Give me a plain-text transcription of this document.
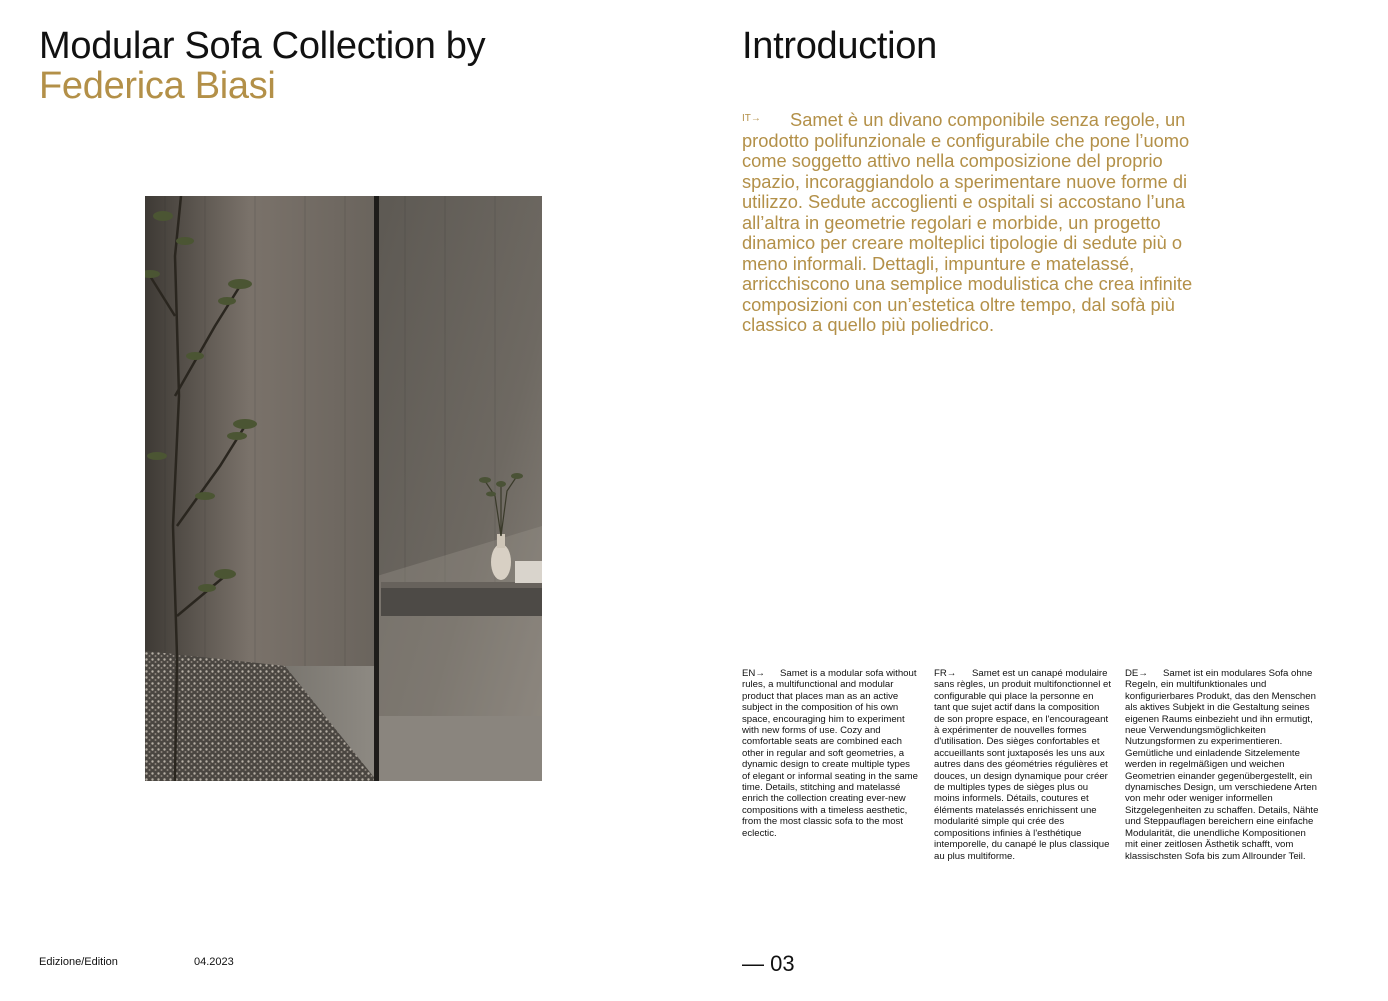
Modular Sofa Collection by
Federica Biasi
Introduction
IT→ Samet è un divano componibile senza regole, un prodotto polifunzionale e configurabile che pone l’uomo come soggetto attivo nella composizione del proprio spazio, incoraggiandolo a sperimentare nuove forme di utilizzo. Sedute accoglienti e ospitali si accostano l’una all’altra in geometrie regolari e morbide, un progetto dinamico per creare molteplici tipologie di sedute più o meno informali. Dettagli, impunture e matelassé, arricchiscono una semplice modulistica che crea infinite composizioni con un’estetica oltre tempo, dal sofà più classico a quello più poliedrico.
EN→ Samet is a modular sofa without rules, a multifunctional and modular product that places man as an active subject in the composition of his own space, encouraging him to experiment with new forms of use. Cozy and comfortable seats are combined each other in regular and soft geometries, a dynamic design to create multiple types of elegant or informal seating in the same time. Details, stitching and matelassé enrich the collection creating ever-new compositions with a timeless aesthetic, from the most classic sofa to the most eclectic.
FR→ Samet est un canapé modulaire sans règles, un produit multifonctionnel et configurable qui place la personne en tant que sujet actif dans la composition de son propre espace, en l'encourageant à expérimenter de nouvelles formes d'utilisation. Des sièges confortables et accueillants sont juxtaposés les uns aux autres dans des géométries régulières et douces, un design dynamique pour créer de multiples types de sièges plus ou moins informels. Détails, coutures et éléments matelassés enrichissent une modularité simple qui crée des compositions infinies à l'esthétique intemporelle, du canapé le plus classique au plus multiforme.
DE→ Samet ist ein modulares Sofa ohne Regeln, ein multifunktionales und konfigurierbares Produkt, das den Menschen als aktives Subjekt in die Gestaltung seines eigenen Raums einbezieht und ihn ermutigt, neue Verwendungsmöglichkeiten Nutzungsformen zu experimentieren. Gemütliche und einladende Sitzelemente werden in regelmäßigen und weichen Geometrien einander gegenübergestellt, ein dynamisches Design, um verschiedene Arten von mehr oder weniger informellen Sitzgelegenheiten zu schaffen. Details, Nähte und Steppauflagen bereichern eine einfache Modularität, die unendliche Kompositionen mit einer zeitlosen Ästhetik schafft, vom klassischsten Sofa bis zum Allrounder Teil.
Edizione/Edition	04.2023	— 03
